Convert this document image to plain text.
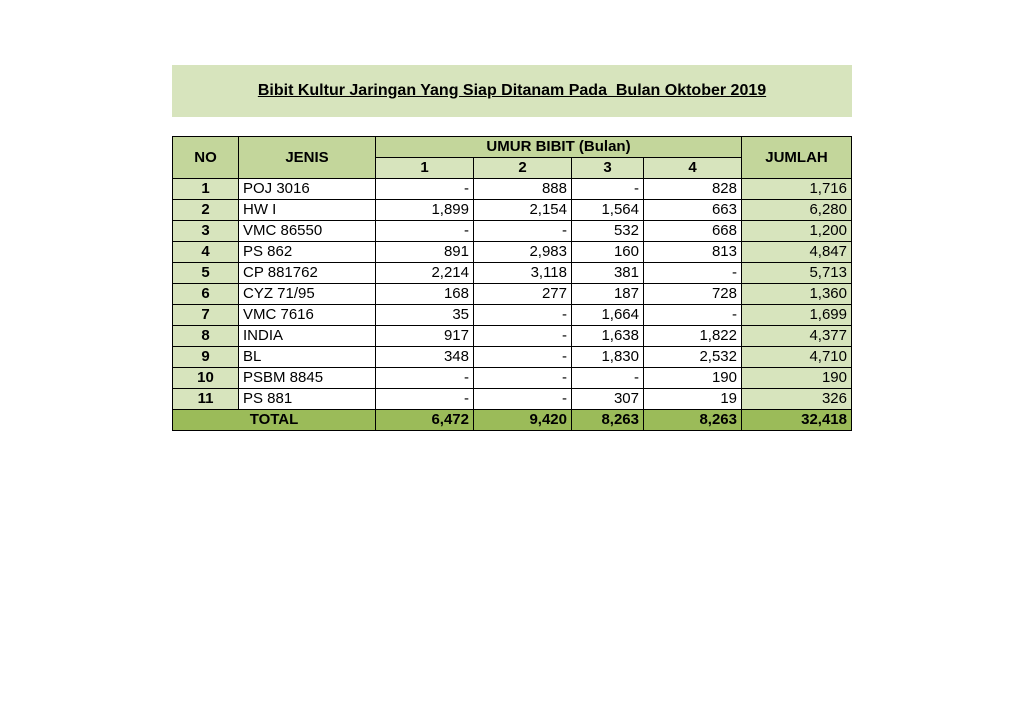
Bibit Kultur Jaringan Yang Siap Ditanam Pada  Bulan Oktober 2019
NO	JENIS	UMUR BIBIT (Bulan)				JUMLAH
		1	2	3	4	
1	POJ 3016	-	888	-	828	1,716
2	HW I	1,899	2,154	1,564	663	6,280
3	VMC 86550	-	-	532	668	1,200
4	PS 862	891	2,983	160	813	4,847
5	CP 881762	2,214	3,118	381	-	5,713
6	CYZ 71/95	168	277	187	728	1,360
7	VMC 7616	35	-	1,664	-	1,699
8	INDIA	917	-	1,638	1,822	4,377
9	BL	348	-	1,830	2,532	4,710
10	PSBM 8845	-	-	-	190	190
11	PS 881	-	-	307	19	326
TOTAL		6,472	9,420	8,263	8,263	32,418
